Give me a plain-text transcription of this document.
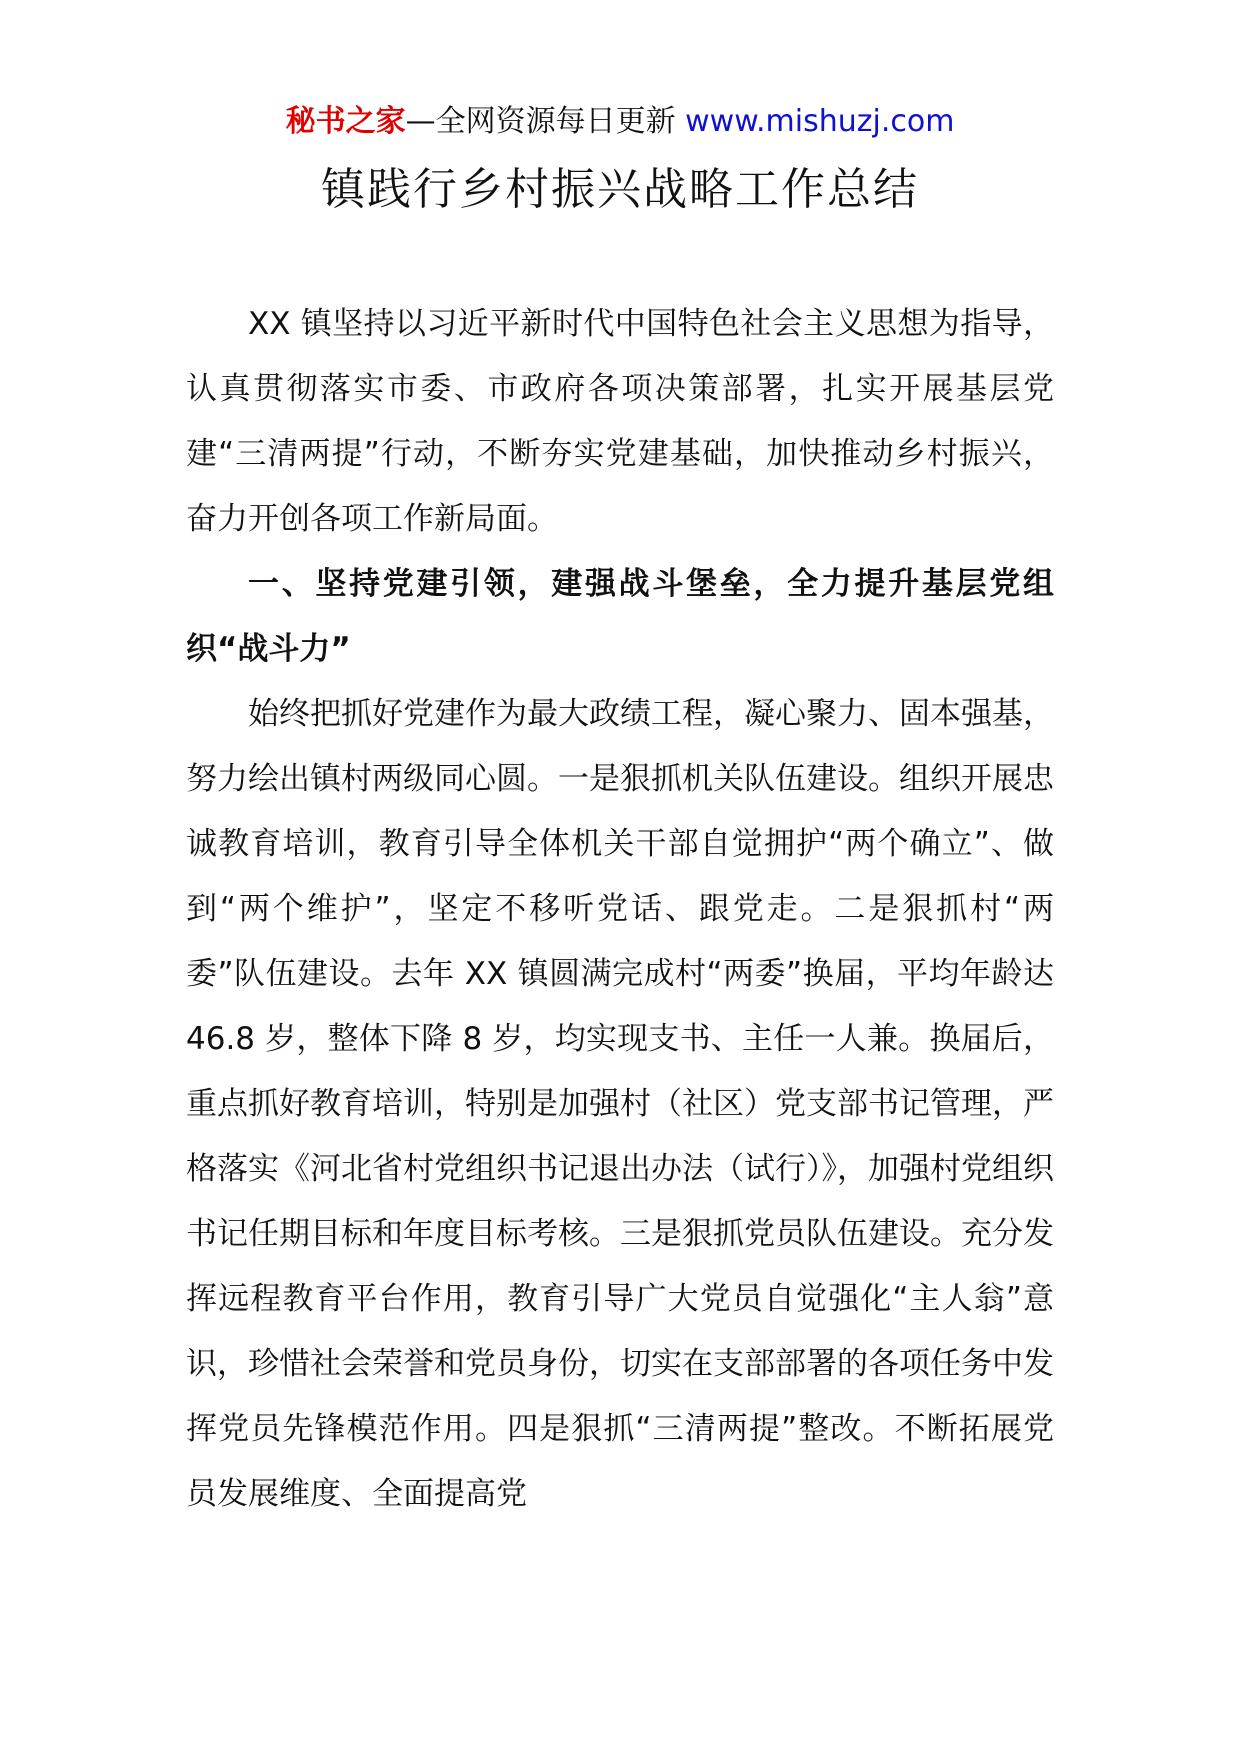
秘书之家—全网资源每日更新 www.mishuzj.com
镇践行乡村振兴战略工作总结

XX 镇坚持以习近平新时代中国特色社会主义思想为指导，认真贯彻落实市委、市政府各项决策部署，扎实开展基层党建“三清两提”行动，不断夯实党建基础，加快推动乡村振兴，奋力开创各项工作新局面。

一、坚持党建引领，建强战斗堡垒，全力提升基层党组织“战斗力”

始终把抓好党建作为最大政绩工程，凝心聚力、固本强基，努力绘出镇村两级同心圆。一是狠抓机关队伍建设。组织开展忠诚教育培训，教育引导全体机关干部自觉拥护“两个确立”、做到“两个维护”，坚定不移听党话、跟党走。二是狠抓村“两委”队伍建设。去年 XX 镇圆满完成村“两委”换届，平均年龄达 46.8 岁，整体下降 8 岁，均实现支书、主任一人兼。换届后，重点抓好教育培训，特别是加强村（社区）党支部书记管理，严格落实《河北省村党组织书记退出办法（试行）》，加强村党组织书记任期目标和年度目标考核。三是狠抓党员队伍建设。充分发挥远程教育平台作用，教育引导广大党员自觉强化“主人翁”意识，珍惜社会荣誉和党员身份，切实在支部部署的各项任务中发挥党员先锋模范作用。四是狠抓“三清两提”整改。不断拓展党员发展维度、全面提高党
